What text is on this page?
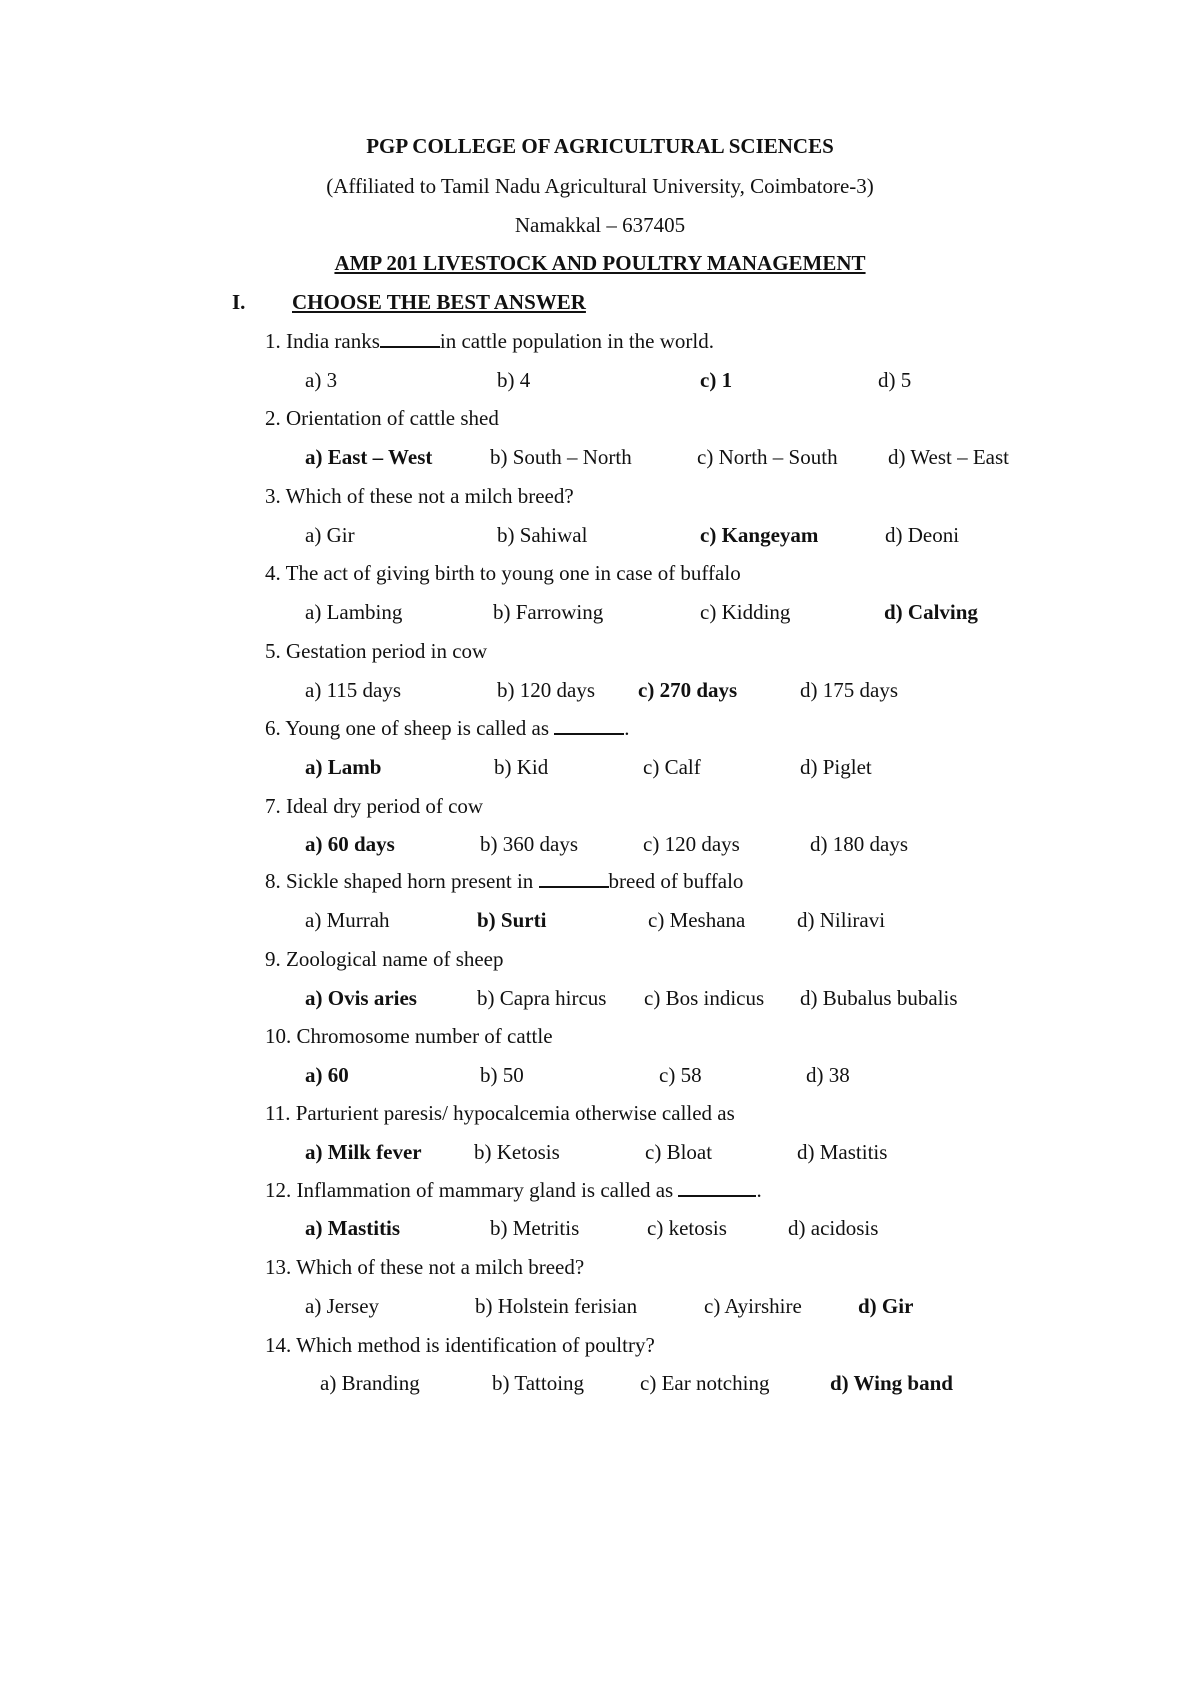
PGP COLLEGE OF AGRICULTURAL SCIENCES
(Affiliated to Tamil Nadu Agricultural University, Coimbatore-3)
Namakkal – 637405
AMP 201 LIVESTOCK AND POULTRY MANAGEMENT
I. CHOOSE THE BEST ANSWER
1. India ranks	in cattle population in the world.
a) 3	b) 4	c) 1	d) 5
2. Orientation of cattle shed
a) East – West	b) South – North	c) North – South d) West – East
3. Which of these not a milch breed?
a) Gir	b) Sahiwal	c) Kangeyam	d) Deoni
4. The act of giving birth to young one in case of buffalo
a) Lambing	b) Farrowing	c) Kidding	d) Calving
5. Gestation period in cow
a) 115 days	b) 120 days c) 270 days	d) 175 days
6. Young one of sheep is called as	.
a) Lamb	b) Kid	c) Calf	d) Piglet
7. Ideal dry period of cow
a) 60 days	b) 360 days	c) 120 days	d) 180 days
8. Sickle shaped horn present in	breed of buffalo
a) Murrah	b) Surti	c) Meshana d) Niliravi
9. Zoological name of sheep
a) Ovis aries	b) Capra hircus c) Bos indicus d) Bubalus bubalis
10. Chromosome number of cattle
a) 60	b) 50	c) 58	d) 38
11. Parturient paresis/ hypocalcemia otherwise called as
a) Milk fever b) Ketosis	c) Bloat	d) Mastitis
12. Inflammation of mammary gland is called as	.
a) Mastitis	b) Metritis	c) ketosis	d) acidosis
13. Which of these not a milch breed?
a) Jersey	b) Holstein ferisian	c) Ayirshire	d) Gir
14. Which method is identification of poultry?
a) Branding	b) Tattoing	c) Ear notching	d) Wing band
